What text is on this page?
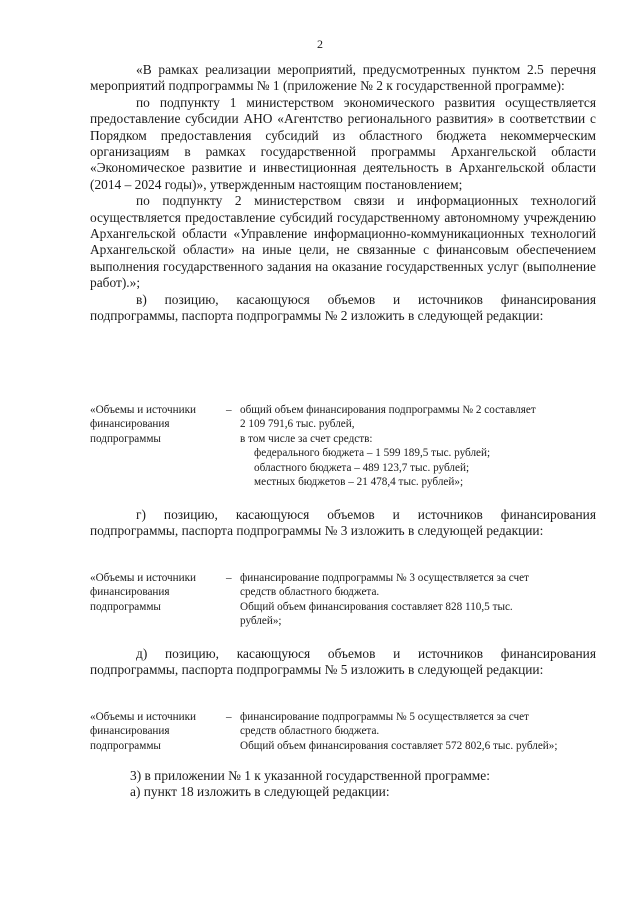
2

«В рамках реализации мероприятий, предусмотренных пунктом 2.5 перечня мероприятий подпрограммы № 1 (приложение № 2 к государственной программе):

по подпункту 1 министерством экономического развития осуществляется предоставление субсидии АНО «Агентство регионального развития» в соответствии с Порядком предоставления субсидий из областного бюджета некоммерческим организациям в рамках государственной программы Архангельской области «Экономическое развитие и инвестиционная деятельность в Архангельской области (2014 – 2024 годы)», утвержденным настоящим постановлением;

по подпункту 2 министерством связи и информационных технологий осуществляется предоставление субсидий государственному автономному учреждению Архангельской области «Управление информационно-коммуникационных технологий Архангельской области» на иные цели, не связанные с финансовым обеспечением выполнения государственного задания на оказание государственных услуг (выполнение работ).»;

в) позицию, касающуюся объемов и источников финансирования подпрограммы, паспорта подпрограммы № 2 изложить в следующей редакции:

«Объемы и источники
финансирования
подпрограммы
– общий объем финансирования подпрограммы № 2 составляет
2 109 791,6 тыс. рублей,
в том числе за счет средств:
федерального бюджета – 1 599 189,5 тыс. рублей;
областного бюджета – 489 123,7 тыс. рублей;
местных бюджетов – 21 478,4 тыс. рублей»;

г) позицию, касающуюся объемов и источников финансирования подпрограммы, паспорта подпрограммы № 3 изложить в следующей редакции:

«Объемы и источники
финансирования
подпрограммы
– финансирование подпрограммы № 3 осуществляется за счет
средств областного бюджета.
Общий объем финансирования составляет 828 110,5 тыс.
рублей»;

д) позицию, касающуюся объемов и источников финансирования подпрограммы, паспорта подпрограммы № 5 изложить в следующей редакции:

«Объемы и источники
финансирования
подпрограммы
– финансирование подпрограммы № 5 осуществляется за счет
средств областного бюджета.
Общий объем финансирования составляет 572 802,6 тыс. рублей»;

3) в приложении № 1 к указанной государственной программе:

а) пункт 18 изложить в следующей редакции:
